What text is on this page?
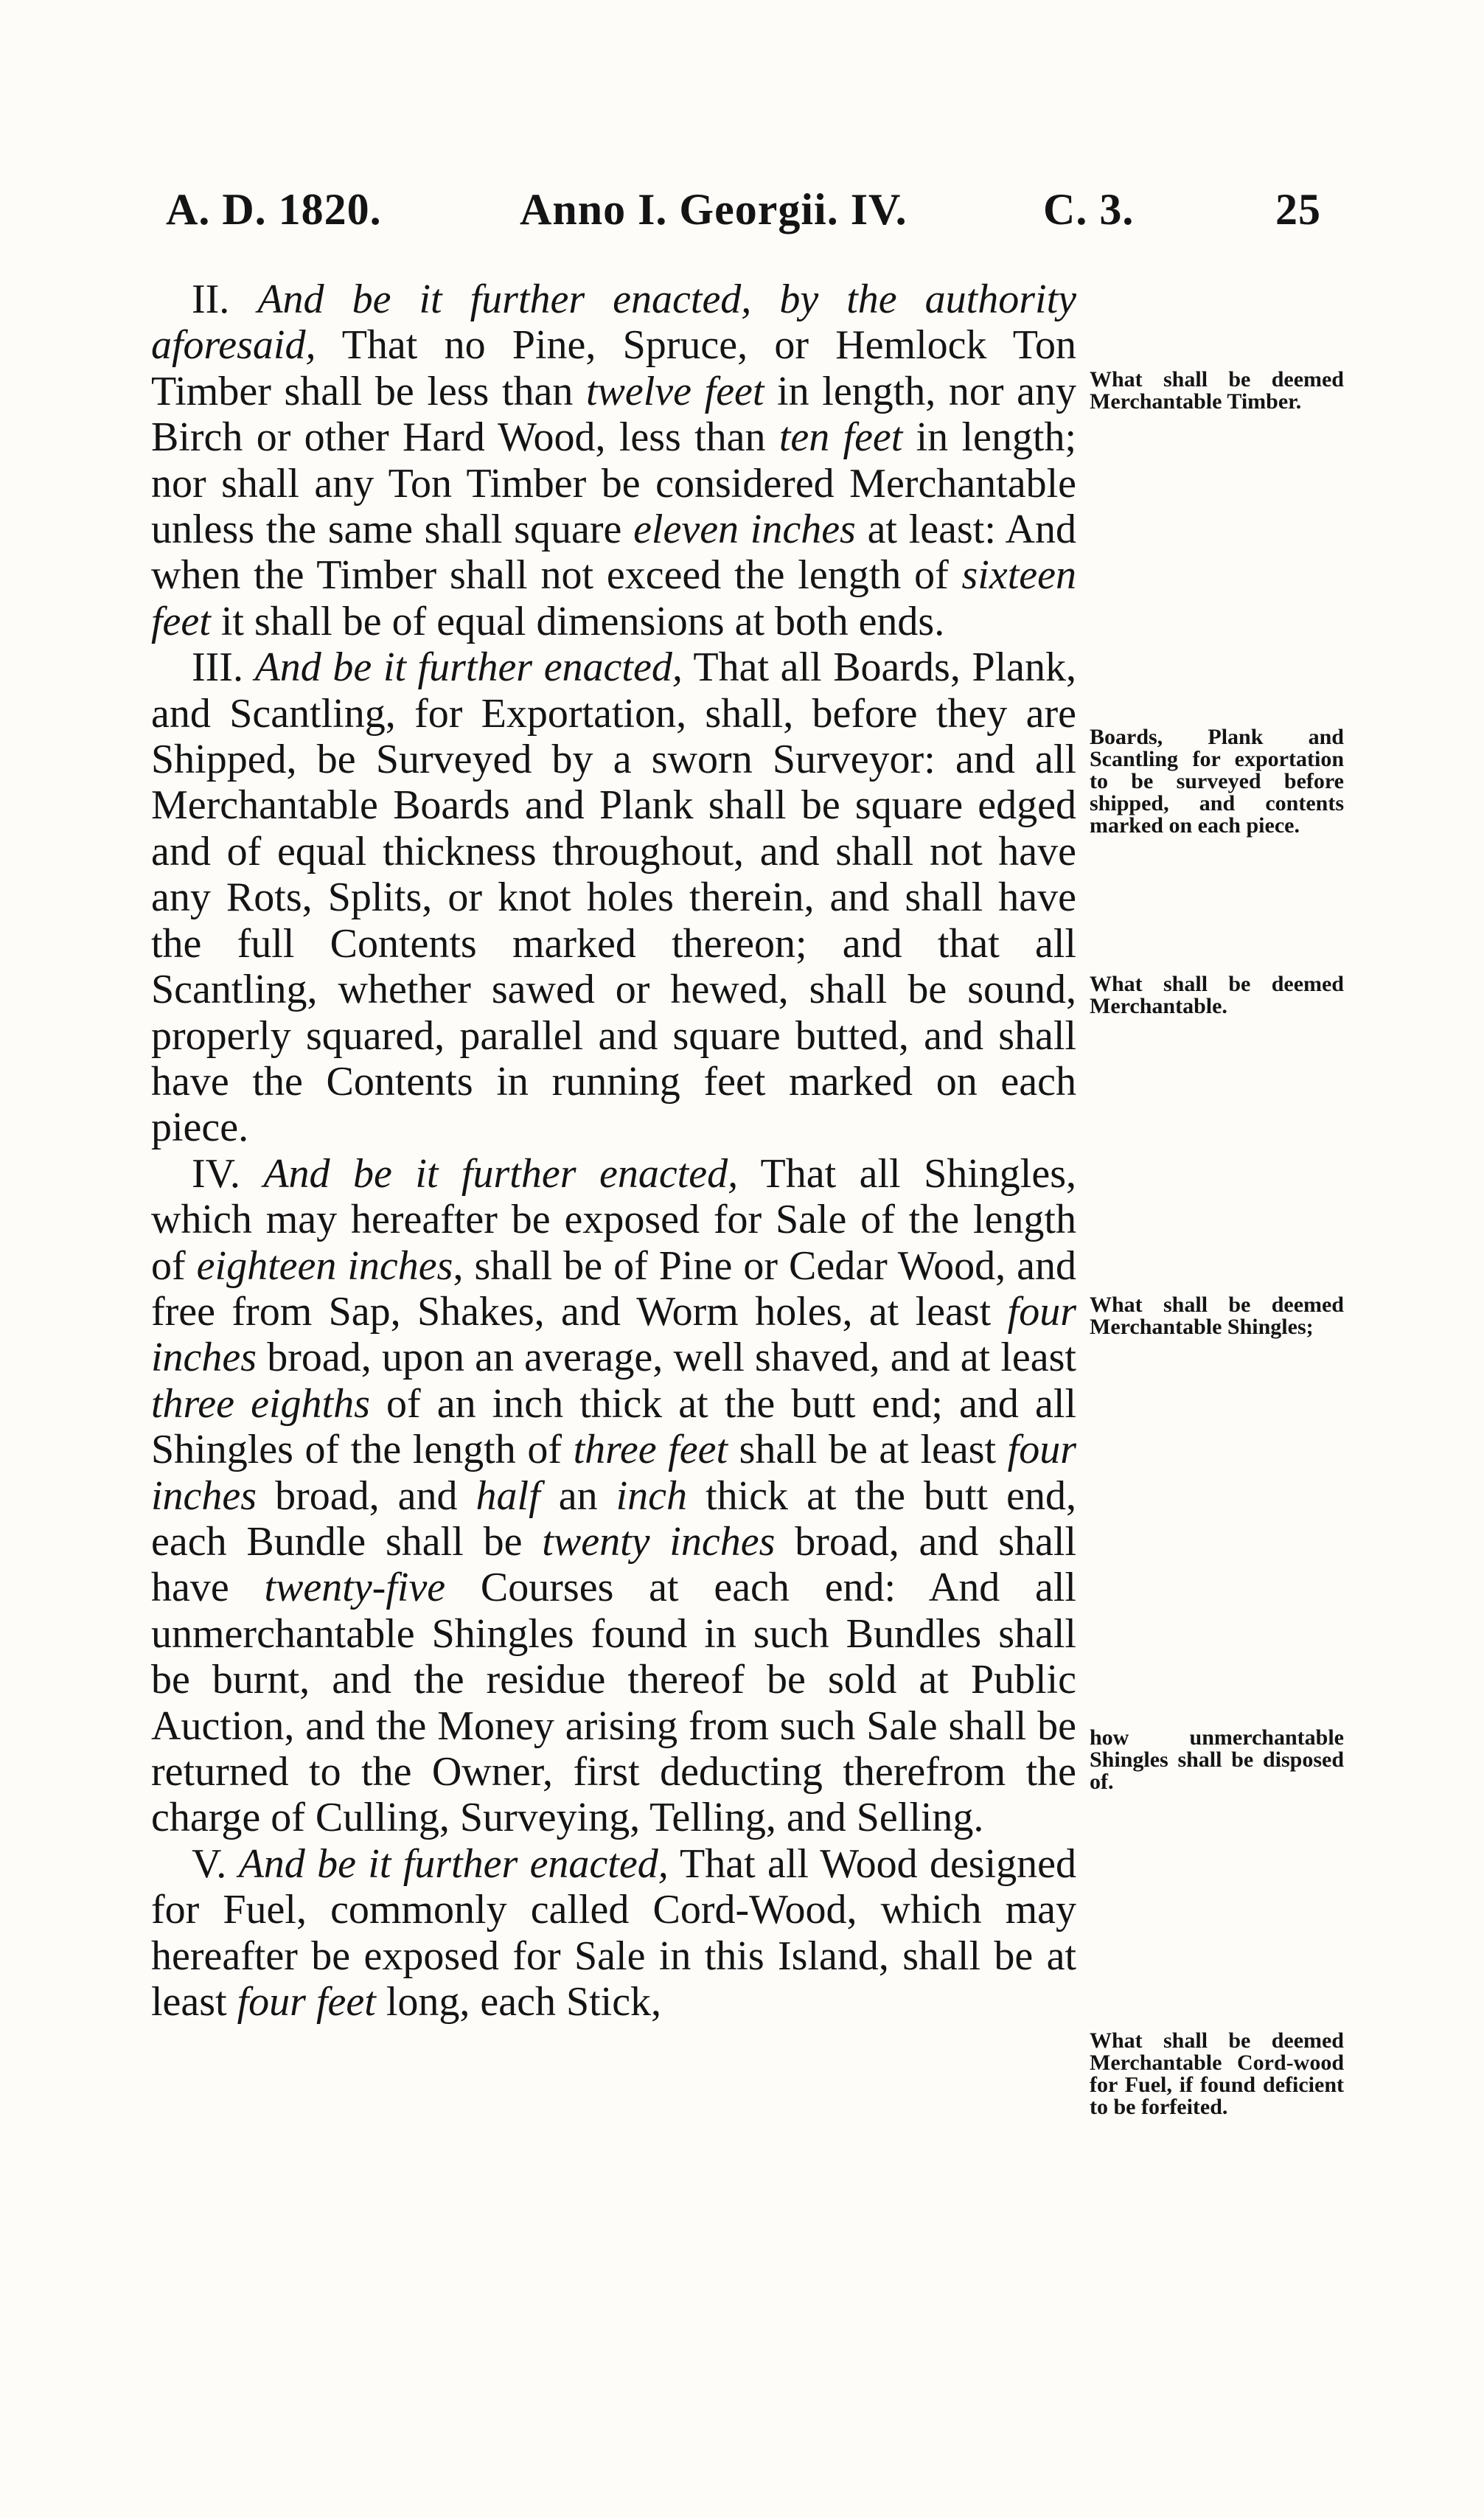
A. D. 1820.	Anno I. Georgii. IV.	C. 3.	25

II. And be it further enacted, by the authority aforesaid, That no Pine, Spruce, or Hemlock Ton Timber shall be less than twelve feet in length, nor any Birch or other Hard Wood, less than ten feet in length; nor shall any Ton Timber be considered Merchantable unless the same shall square eleven inches at least: And when the Timber shall not exceed the length of sixteen feet it shall be of equal dimensions at both ends.

III. And be it further enacted, That all Boards, Plank, and Scantling, for Exportation, shall, before they are Shipped, be Surveyed by a sworn Surveyor: and all Merchantable Boards and Plank shall be square edged and of equal thickness throughout, and shall not have any Rots, Splits, or knot holes therein, and shall have the full Contents marked thereon; and that all Scantling, whether sawed or hewed, shall be sound, properly squared, parallel and square butted, and shall have the Contents in running feet marked on each piece.

IV. And be it further enacted, That all Shingles, which may hereafter be exposed for Sale of the length of eighteen inches, shall be of Pine or Cedar Wood, and free from Sap, Shakes, and Worm holes, at least four inches broad, upon an average, well shaved, and at least three eighths of an inch thick at the butt end; and all Shingles of the length of three feet shall be at least four inches broad, and half an inch thick at the butt end, each Bundle shall be twenty inches broad, and shall have twenty-five Courses at each end: And all unmerchantable Shingles found in such Bundles shall be burnt, and the residue thereof be sold at Public Auction, and the Money arising from such Sale shall be returned to the Owner, first deducting therefrom the charge of Culling, Surveying, Telling, and Selling.

V. And be it further enacted, That all Wood designed for Fuel, commonly called Cord-Wood, which may hereafter be exposed for Sale in this Island, shall be at least four feet long, each Stick,

What shall be deemed Merchantable Timber.
Boards, Plank and Scantling for exportation to be surveyed before shipped, and contents marked on each piece.
What shall be deemed Merchantable.
What shall be deemed Merchantable Shingles;
how unmerchantable Shingles shall be disposed of.
What shall be deemed Merchantable Cord-wood for Fuel, if found deficient to be forfeited.
